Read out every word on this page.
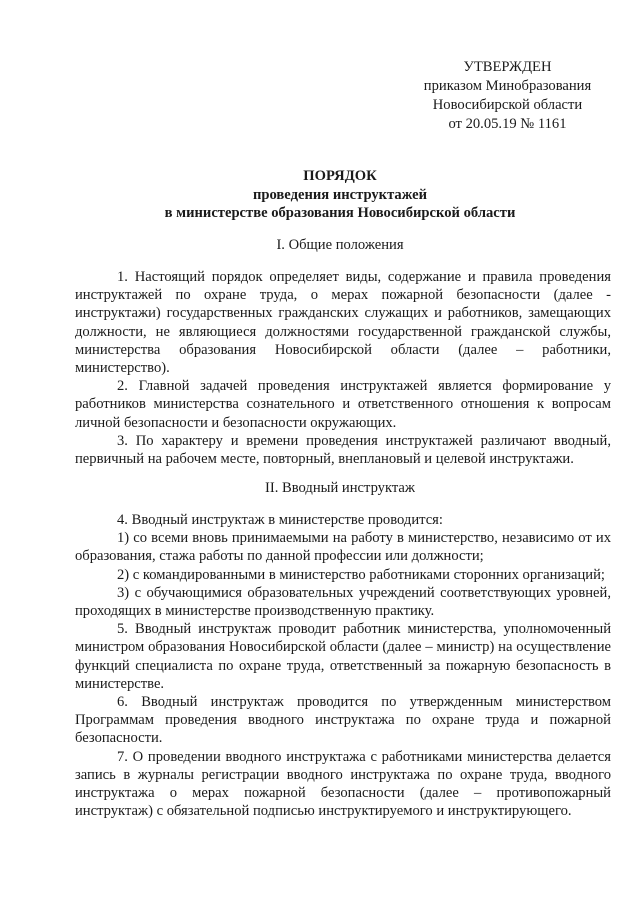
УТВЕРЖДЕН
приказом Минобразования
Новосибирской области
от 20.05.19 № 1161
ПОРЯДОК
проведения инструктажей
в министерстве образования Новосибирской области
I. Общие положения

1. Настоящий порядок определяет виды, содержание и правила проведения инструктажей по охране труда, о мерах пожарной безопасности (далее - инструктажи) государственных гражданских служащих и работников, замещающих должности, не являющиеся должностями государственной гражданской службы, министерства образования Новосибирской области (далее – работники, министерство).

2. Главной задачей проведения инструктажей является формирование у работников министерства сознательного и ответственного отношения к вопросам личной безопасности и безопасности окружающих.

3. По характеру и времени проведения инструктажей различают вводный, первичный на рабочем месте, повторный, внеплановый и целевой инструктажи.

II. Вводный инструктаж

4. Вводный инструктаж в министерстве проводится:

1) со всеми вновь принимаемыми на работу в министерство, независимо от их образования, стажа работы по данной профессии или должности;

2) с командированными в министерство работниками сторонних организаций;

3) с обучающимися образовательных учреждений соответствующих уровней, проходящих в министерстве производственную практику.

5. Вводный инструктаж проводит работник министерства, уполномоченный министром образования Новосибирской области (далее – министр) на осуществление функций специалиста по охране труда, ответственный за пожарную безопасность в министерстве.

6. Вводный инструктаж проводится по утвержденным министерством Программам проведения вводного инструктажа по охране труда и пожарной безопасности.

7. О проведении вводного инструктажа с работниками министерства делается запись в журналы регистрации вводного инструктажа по охране труда, вводного инструктажа о мерах пожарной безопасности (далее – противопожарный инструктаж) с обязательной подписью инструктируемого и инструктирующего.
